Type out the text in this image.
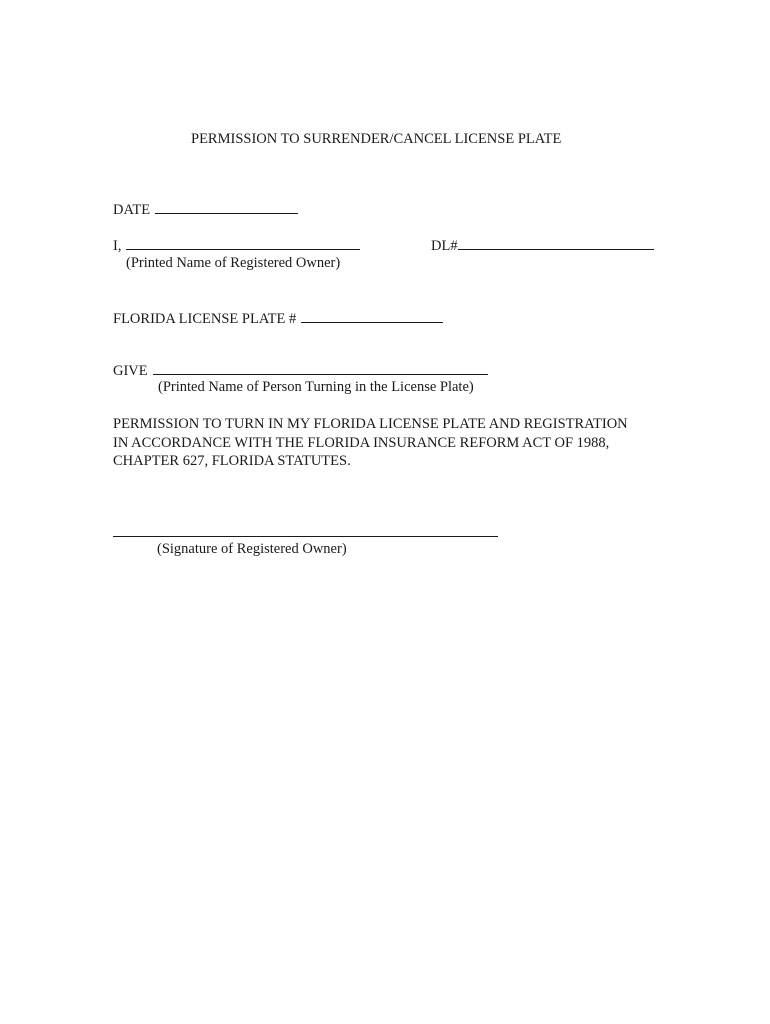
PERMISSION TO SURRENDER/CANCEL LICENSE PLATE
DATE
I,
(Printed Name of Registered Owner)
DL#
FLORIDA LICENSE PLATE #
GIVE
(Printed Name of Person Turning in the License Plate)
PERMISSION TO TURN IN MY FLORIDA LICENSE PLATE AND REGISTRATION
IN ACCORDANCE WITH THE FLORIDA INSURANCE REFORM ACT OF 1988,
CHAPTER 627, FLORIDA STATUTES.
(Signature of Registered Owner)
